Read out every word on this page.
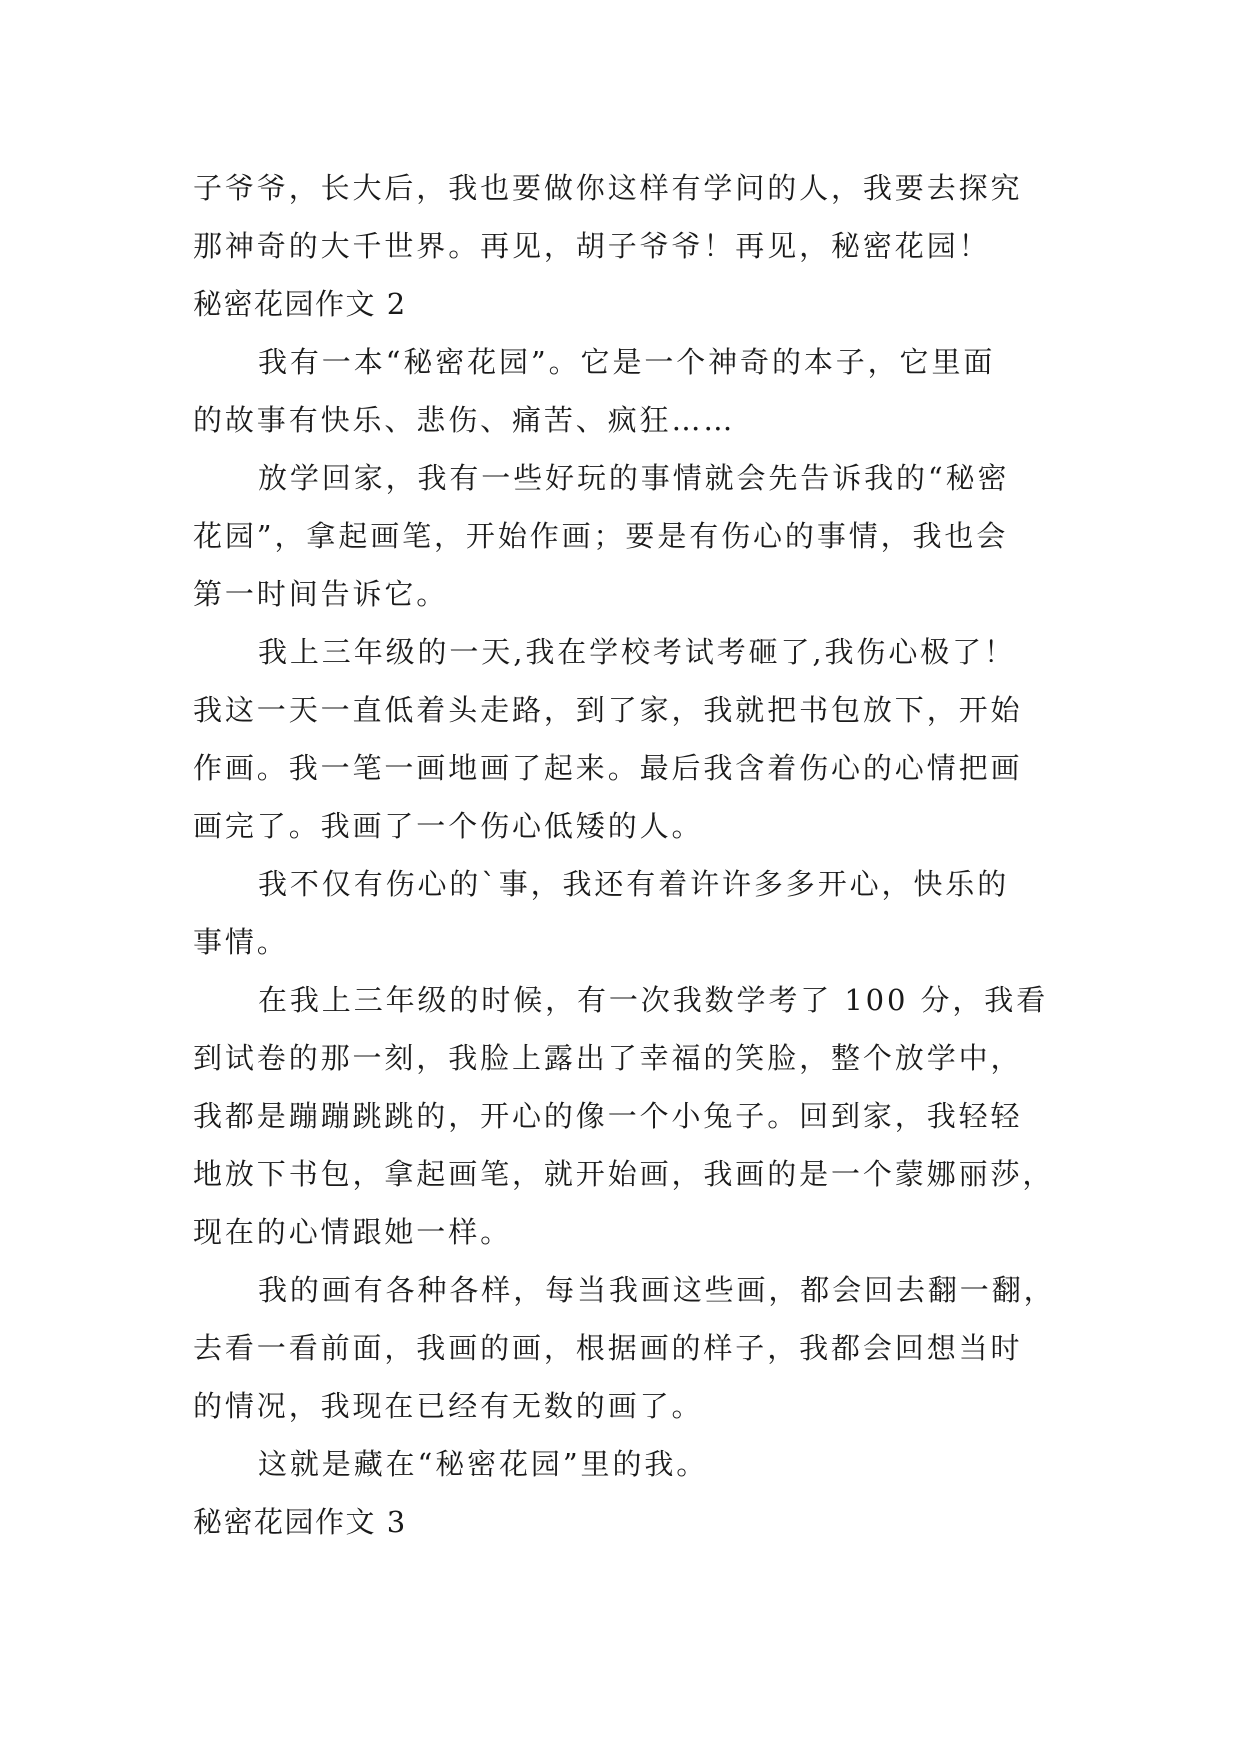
子爷爷，长大后，我也要做你这样有学问的人，我要去探究
那神奇的大千世界。再见，胡子爷爷！再见，秘密花园！
秘密花园作文 2
我有一本“秘密花园”。它是一个神奇的本子，它里面
的故事有快乐、悲伤、痛苦、疯狂……
放学回家，我有一些好玩的事情就会先告诉我的“秘密
花园”，拿起画笔，开始作画；要是有伤心的事情，我也会
第一时间告诉它。
我上三年级的一天,我在学校考试考砸了,我伤心极了！
我这一天一直低着头走路，到了家，我就把书包放下，开始
作画。我一笔一画地画了起来。最后我含着伤心的心情把画
画完了。我画了一个伤心低矮的人。
我不仅有伤心的`事，我还有着许许多多开心，快乐的
事情。
在我上三年级的时候，有一次我数学考了 100 分，我看
到试卷的那一刻，我脸上露出了幸福的笑脸，整个放学中，
我都是蹦蹦跳跳的，开心的像一个小兔子。回到家，我轻轻
地放下书包，拿起画笔，就开始画，我画的是一个蒙娜丽莎，
现在的心情跟她一样。
我的画有各种各样，每当我画这些画，都会回去翻一翻，
去看一看前面，我画的画，根据画的样子，我都会回想当时
的情况，我现在已经有无数的画了。
这就是藏在“秘密花园”里的我。
秘密花园作文 3
